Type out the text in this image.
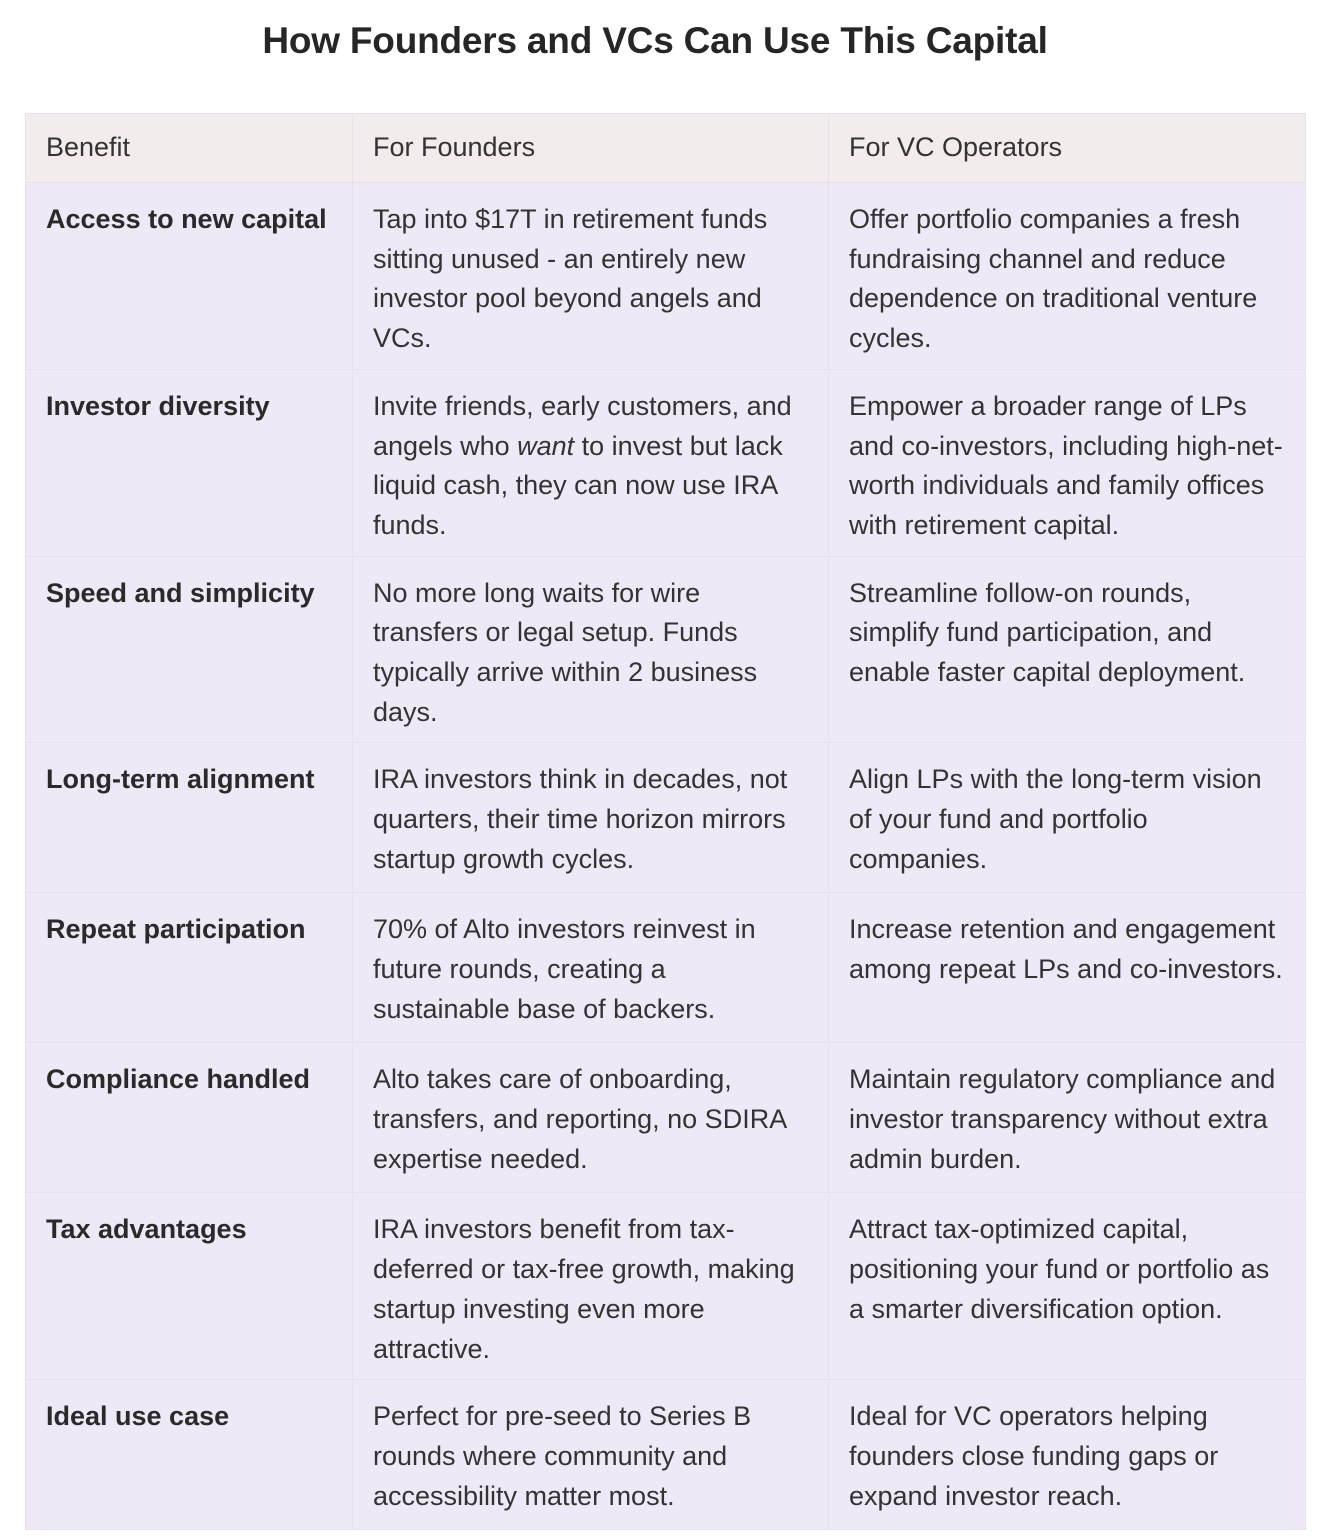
How Founders and VCs Can Use This Capital
Benefit	For Founders	For VC Operators
Access to new capital	Tap into $17T in retirement funds sitting unused - an entirely new investor pool beyond angels and VCs.	Offer portfolio companies a fresh fundraising channel and reduce dependence on traditional venture cycles.
Investor diversity	Invite friends, early customers, and angels who want to invest but lack liquid cash, they can now use IRA funds.	Empower a broader range of LPs and co-investors, including high-net-worth individuals and family offices with retirement capital.
Speed and simplicity	No more long waits for wire transfers or legal setup. Funds typically arrive within 2 business days.	Streamline follow-on rounds, simplify fund participation, and enable faster capital deployment.
Long-term alignment	IRA investors think in decades, not quarters, their time horizon mirrors startup growth cycles.	Align LPs with the long-term vision of your fund and portfolio companies.
Repeat participation	70% of Alto investors reinvest in future rounds, creating a sustainable base of backers.	Increase retention and engagement among repeat LPs and co-investors.
Compliance handled	Alto takes care of onboarding, transfers, and reporting, no SDIRA expertise needed.	Maintain regulatory compliance and investor transparency without extra admin burden.
Tax advantages	IRA investors benefit from tax-deferred or tax-free growth, making startup investing even more attractive.	Attract tax-optimized capital, positioning your fund or portfolio as a smarter diversification option.
Ideal use case	Perfect for pre-seed to Series B rounds where community and accessibility matter most.	Ideal for VC operators helping founders close funding gaps or expand investor reach.
